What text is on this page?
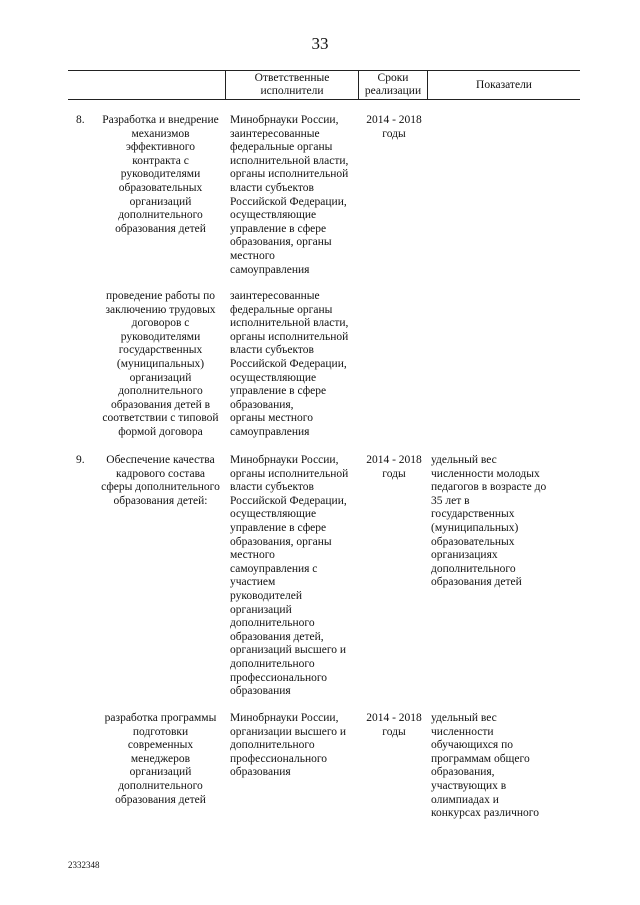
33
Ответственные
исполнители
Сроки
реализации
Показатели
8.	Разработка и внедрение
механизмов
эффективного
контракта с
руководителями
образовательных
организаций
дополнительного
образования детей
Минобрнауки России,
заинтересованные
федеральные органы
исполнительной власти,
органы исполнительной
власти субъектов
Российской Федерации,
осуществляющие
управление в сфере
образования, органы
местного
самоуправления
2014 - 2018
годы
проведение работы по
заключению трудовых
договоров с
руководителями
государственных
(муниципальных)
организаций
дополнительного
образования детей в
соответствии с типовой
формой договора
заинтересованные
федеральные органы
исполнительной власти,
органы исполнительной
власти субъектов
Российской Федерации,
осуществляющие
управление в сфере
образования,
органы местного
самоуправления
9.	Обеспечение качества
кадрового состава
сферы дополнительного
образования детей:
Минобрнауки России,
органы исполнительной
власти субъектов
Российской Федерации,
осуществляющие
управление в сфере
образования, органы
местного
самоуправления с
участием
руководителей
организаций
дополнительного
образования детей,
организаций высшего и
дополнительного
профессионального
образования
2014 - 2018
годы
удельный вес
численности молодых
педагогов в возрасте до
35 лет в
государственных
(муниципальных)
образовательных
организациях
дополнительного
образования детей
разработка программы
подготовки
современных
менеджеров
организаций
дополнительного
образования детей
Минобрнауки России,
организации высшего и
дополнительного
профессионального
образования
2014 - 2018
годы
удельный вес
численности
обучающихся по
программам общего
образования,
участвующих в
олимпиадах и
конкурсах различного
2332348
